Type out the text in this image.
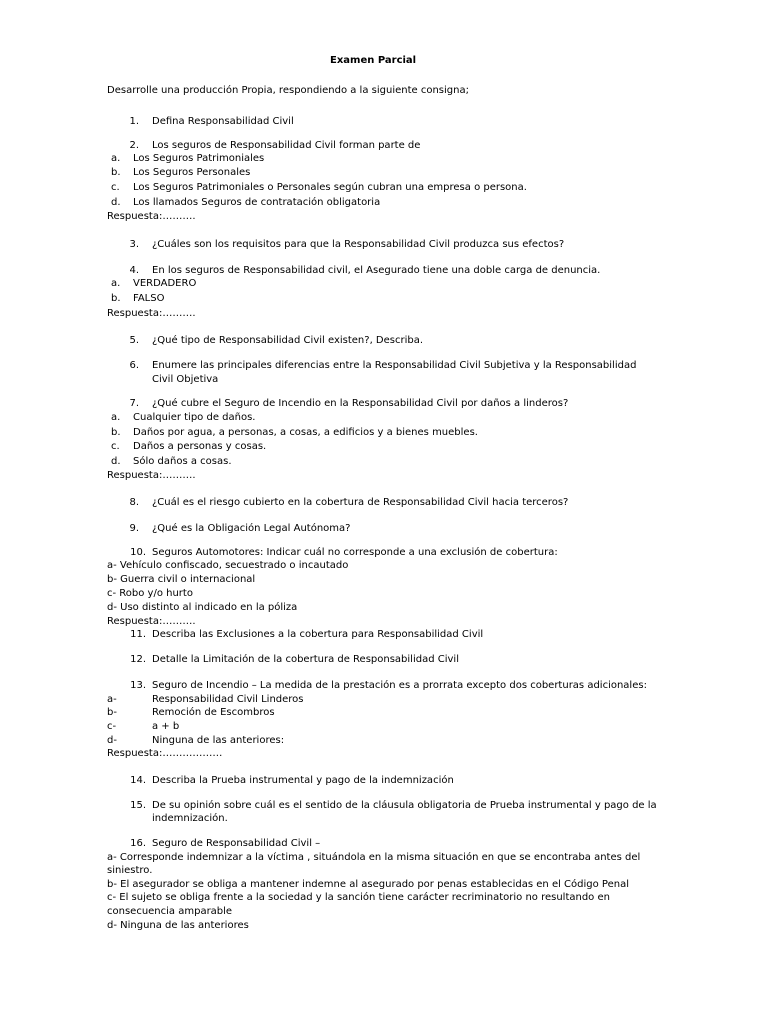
Examen Parcial
Desarrolle una producción Propia, respondiendo a la siguiente consigna;
1. Defina Responsabilidad Civil
2. Los seguros de Responsabilidad Civil forman parte de
a. Los Seguros Patrimoniales
b. Los Seguros Personales
c. Los Seguros Patrimoniales o Personales según cubran una empresa o persona.
d. Los llamados Seguros de contratación obligatoria
Respuesta:……….
3. ¿Cuáles son los requisitos para que la Responsabilidad Civil produzca sus efectos?
4. En los seguros de Responsabilidad civil, el Asegurado tiene una doble carga de denuncia.
a. VERDADERO
b. FALSO
Respuesta:……….
5. ¿Qué tipo de Responsabilidad Civil existen?, Describa.
6. Enumere las principales diferencias entre la Responsabilidad Civil Subjetiva y la Responsabilidad
Civil Objetiva
7. ¿Qué cubre el Seguro de Incendio en la Responsabilidad Civil por daños a linderos?
a. Cualquier tipo de daños.
b. Daños por agua, a personas, a cosas, a edificios y a bienes muebles.
c. Daños a personas y cosas.
d. Sólo daños a cosas.
Respuesta:……….
8. ¿Cuál es el riesgo cubierto en la cobertura de Responsabilidad Civil hacia terceros?
9. ¿Qué es la Obligación Legal Autónoma?
10. Seguros Automotores: Indicar cuál no corresponde a una exclusión de cobertura:
a- Vehículo confiscado, secuestrado o incautado
b- Guerra civil o internacional
c- Robo y/o hurto
d- Uso distinto al indicado en la póliza
Respuesta:……….
11. Describa las Exclusiones a la cobertura para Responsabilidad Civil
12. Detalle la Limitación de la cobertura de Responsabilidad Civil
13. Seguro de Incendio – La medida de la prestación es a prorrata excepto dos coberturas adicionales:
a-	Responsabilidad Civil Linderos
b-	Remoción de Escombros
c-	a + b
d-	Ninguna de las anteriores:
Respuesta:………………
14. Describa la Prueba instrumental y pago de la indemnización
15. De su opinión sobre cuál es el sentido de la cláusula obligatoria de Prueba instrumental y pago de la
indemnización.
16. Seguro de Responsabilidad Civil –
a- Corresponde indemnizar a la víctima , situándola en la misma situación en que se encontraba antes del
siniestro.
b- El asegurador se obliga a mantener indemne al asegurado por penas establecidas en el Código Penal
c- El sujeto se obliga frente a la sociedad y la sanción tiene carácter recriminatorio no resultando en
consecuencia amparable
d- Ninguna de las anteriores
